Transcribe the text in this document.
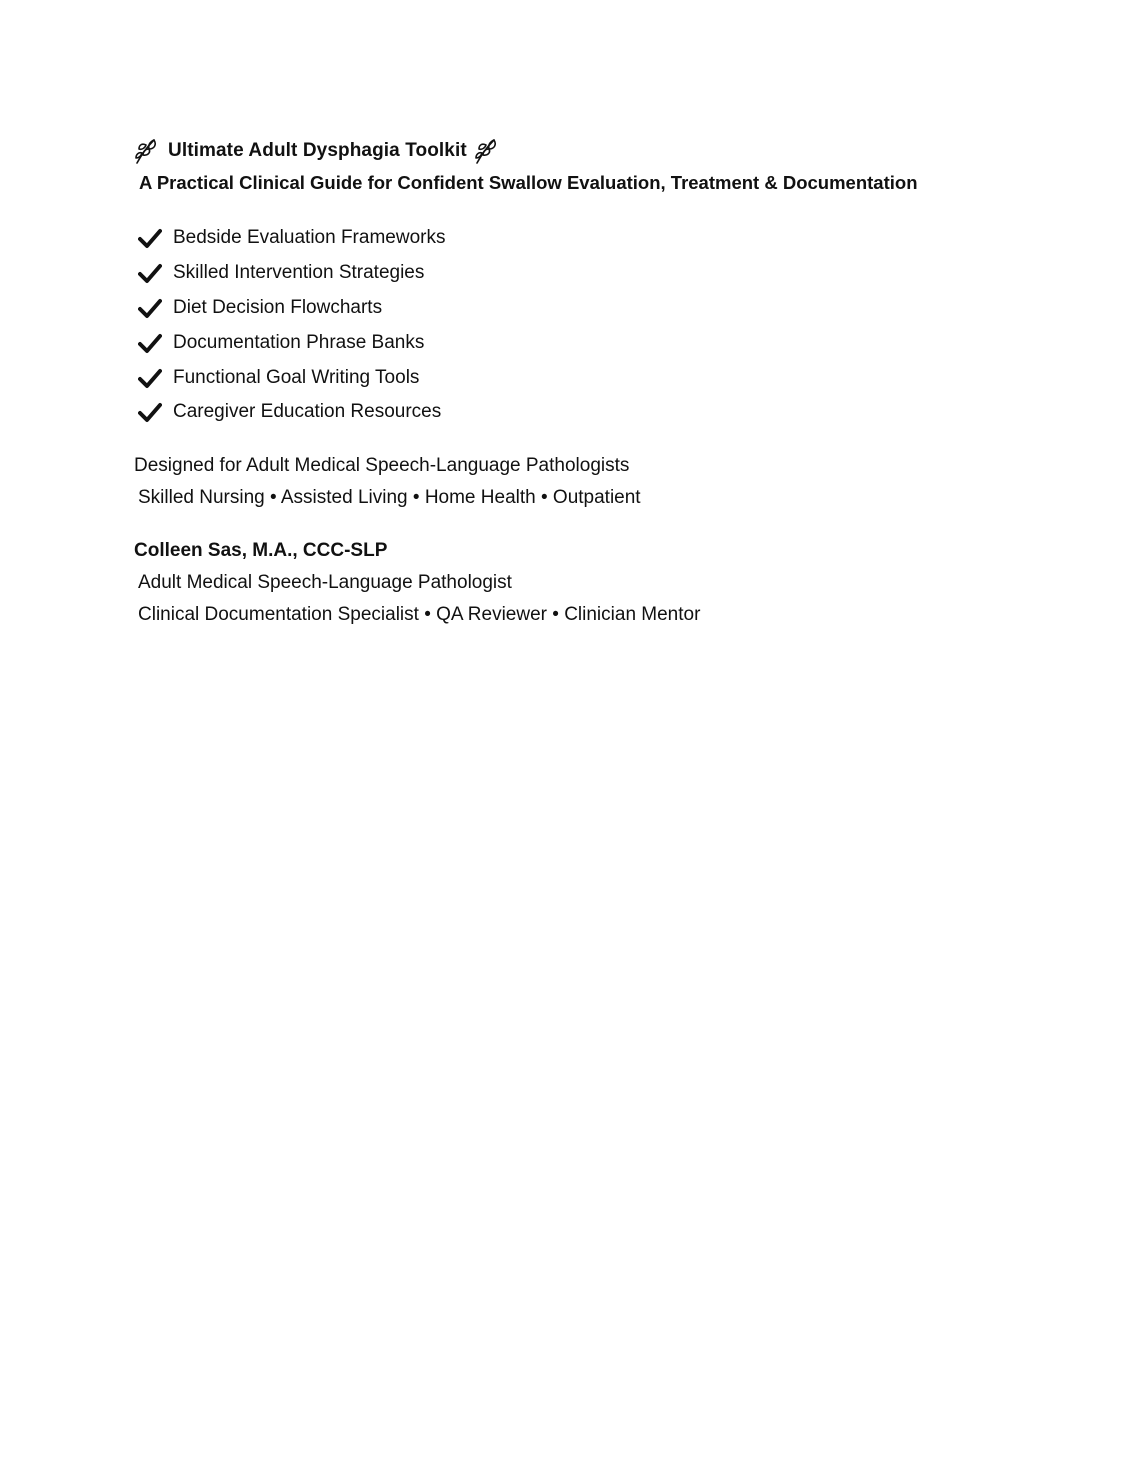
Ultimate Adult Dysphagia Toolkit
A Practical Clinical Guide for Confident Swallow Evaluation, Treatment & Documentation
Bedside Evaluation Frameworks
Skilled Intervention Strategies
Diet Decision Flowcharts
Documentation Phrase Banks
Functional Goal Writing Tools
Caregiver Education Resources
Designed for Adult Medical Speech-Language Pathologists
Skilled Nursing • Assisted Living • Home Health • Outpatient
Colleen Sas, M.A., CCC-SLP
Adult Medical Speech-Language Pathologist
Clinical Documentation Specialist • QA Reviewer • Clinician Mentor
